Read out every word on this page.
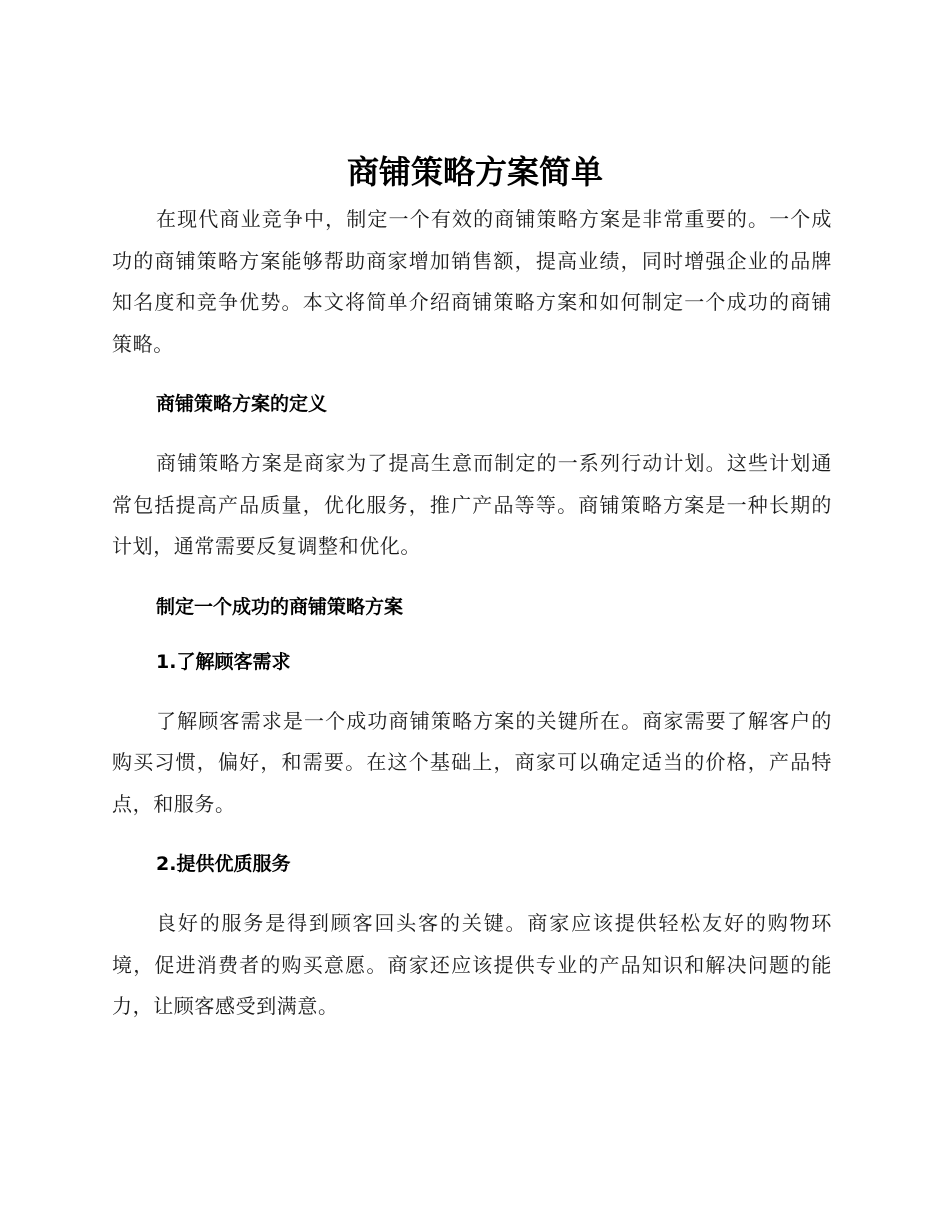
商铺策略方案简单

在现代商业竞争中，制定一个有效的商铺策略方案是非常重要的。一个成功的商铺策略方案能够帮助商家增加销售额，提高业绩，同时增强企业的品牌知名度和竞争优势。本文将简单介绍商铺策略方案和如何制定一个成功的商铺策略。

商铺策略方案的定义

商铺策略方案是商家为了提高生意而制定的一系列行动计划。这些计划通常包括提高产品质量，优化服务，推广产品等等。商铺策略方案是一种长期的计划，通常需要反复调整和优化。

制定一个成功的商铺策略方案
1.了解顾客需求

了解顾客需求是一个成功商铺策略方案的关键所在。商家需要了解客户的购买习惯，偏好，和需要。在这个基础上，商家可以确定适当的价格，产品特点，和服务。

2.提供优质服务

良好的服务是得到顾客回头客的关键。商家应该提供轻松友好的购物环境，促进消费者的购买意愿。商家还应该提供专业的产品知识和解决问题的能力，让顾客感受到满意。
